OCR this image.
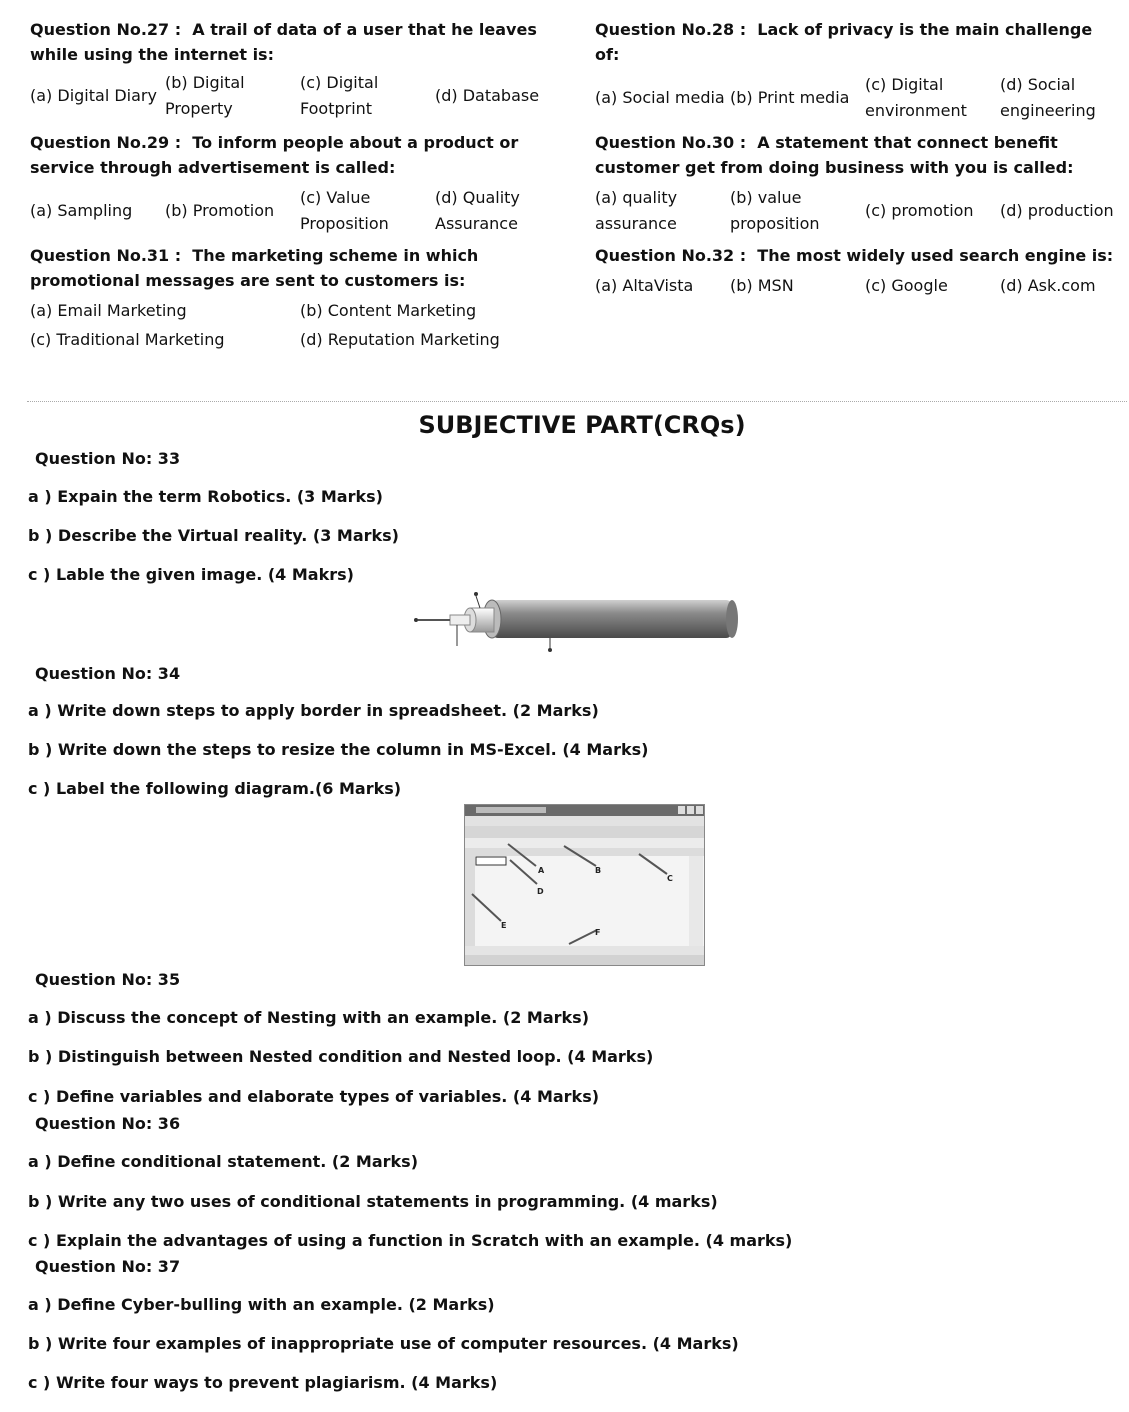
Question No.27 : A trail of data of a user that he leaves while using the internet is:
(a) Digital Diary
(b) Digital Property
(c) Digital Footprint
(d) Database
Question No.28 : Lack of privacy is the main challenge of:
(a) Social media (b) Print media
(c) Digital environment
(d) Social engineering
Question No.29 : To inform people about a product or service through advertisement is called:
(a) Sampling	(b) Promotion
(c) Value Proposition
(d) Quality Assurance
Question No.30 : A statement that connect benefit customer get from doing business with you is called:
(a) quality assurance
(b) value proposition
(c) promotion	(d) production
Question No.31 : The marketing scheme in which promotional messages are sent to customers is:
(a) Email Marketing	(b) Content Marketing
(c) Traditional Marketing	(d) Reputation Marketing
Question No.32 : The most widely used search engine is:
(a) AltaVista	(b) MSN	(c) Google	(d) Ask.com
SUBJECTIVE PART(CRQs)
Question No: 33
a ) Expain the term Robotics. (3 Marks)
b ) Describe the Virtual reality. (3 Marks)
c ) Lable the given image. (4 Makrs)
Question No: 34
a ) Write down steps to apply border in spreadsheet. (2 Marks)
b ) Write down the steps to resize the column in MS-Excel. (4 Marks)
c ) Label the following diagram.(6 Marks)
A	B
C
D
E
F
Question No: 35
a ) Discuss the concept of Nesting with an example. (2 Marks)
b ) Distinguish between Nested condition and Nested loop. (4 Marks)
c ) Define variables and elaborate types of variables. (4 Marks)
Question No: 36
a ) Define conditional statement. (2 Marks)
b ) Write any two uses of conditional statements in programming. (4 marks)
c ) Explain the advantages of using a function in Scratch with an example. (4 marks)
Question No: 37
a ) Define Cyber-bulling with an example. (2 Marks)
b ) Write four examples of inappropriate use of computer resources. (4 Marks)
c ) Write four ways to prevent plagiarism. (4 Marks)
